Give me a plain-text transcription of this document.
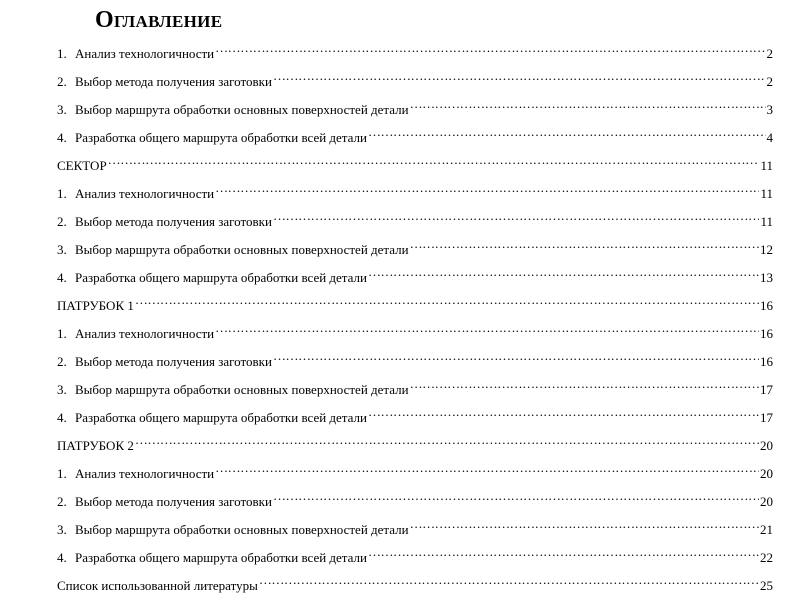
Оглавление
1. Анализ технологичности ………………………………………………………………………………………………………………………………………………………………………………………………………………………………………………	2
2. Выбор метода получения заготовки ………………………………………………………………………………………………………………………………………………………………………………………………………………………………………………	2
3. Выбор маршрута обработки основных поверхностей детали ………………………………………………………………………………………………………………………………………………………………………………………………………………………………………………	3
4. Разработка общего маршрута обработки всей детали ………………………………………………………………………………………………………………………………………………………………………………………………………………………………………………	4
СЕКТОР ………………………………………………………………………………………………………………………………………………………………………………………………………………………………………………	11
1. Анализ технологичности ………………………………………………………………………………………………………………………………………………………………………………………………………………………………………………	11
2. Выбор метода получения заготовки ………………………………………………………………………………………………………………………………………………………………………………………………………………………………………………	11
3. Выбор маршрута обработки основных поверхностей детали ………………………………………………………………………………………………………………………………………………………………………………………………………………………………………………	12
4. Разработка общего маршрута обработки всей детали ………………………………………………………………………………………………………………………………………………………………………………………………………………………………………………	13
ПАТРУБОК 1 ………………………………………………………………………………………………………………………………………………………………………………………………………………………………………………	16
1. Анализ технологичности ………………………………………………………………………………………………………………………………………………………………………………………………………………………………………………	16
2. Выбор метода получения заготовки ………………………………………………………………………………………………………………………………………………………………………………………………………………………………………………	16
3. Выбор маршрута обработки основных поверхностей детали ………………………………………………………………………………………………………………………………………………………………………………………………………………………………………………	17
4. Разработка общего маршрута обработки всей детали ………………………………………………………………………………………………………………………………………………………………………………………………………………………………………………	17
ПАТРУБОК 2 ………………………………………………………………………………………………………………………………………………………………………………………………………………………………………………	20
1. Анализ технологичности ………………………………………………………………………………………………………………………………………………………………………………………………………………………………………………	20
2. Выбор метода получения заготовки ………………………………………………………………………………………………………………………………………………………………………………………………………………………………………………	20
3. Выбор маршрута обработки основных поверхностей детали ………………………………………………………………………………………………………………………………………………………………………………………………………………………………………………	21
4. Разработка общего маршрута обработки всей детали ………………………………………………………………………………………………………………………………………………………………………………………………………………………………………………	22
Список использованной литературы ………………………………………………………………………………………………………………………………………………………………………………………………………………………………………………	25
